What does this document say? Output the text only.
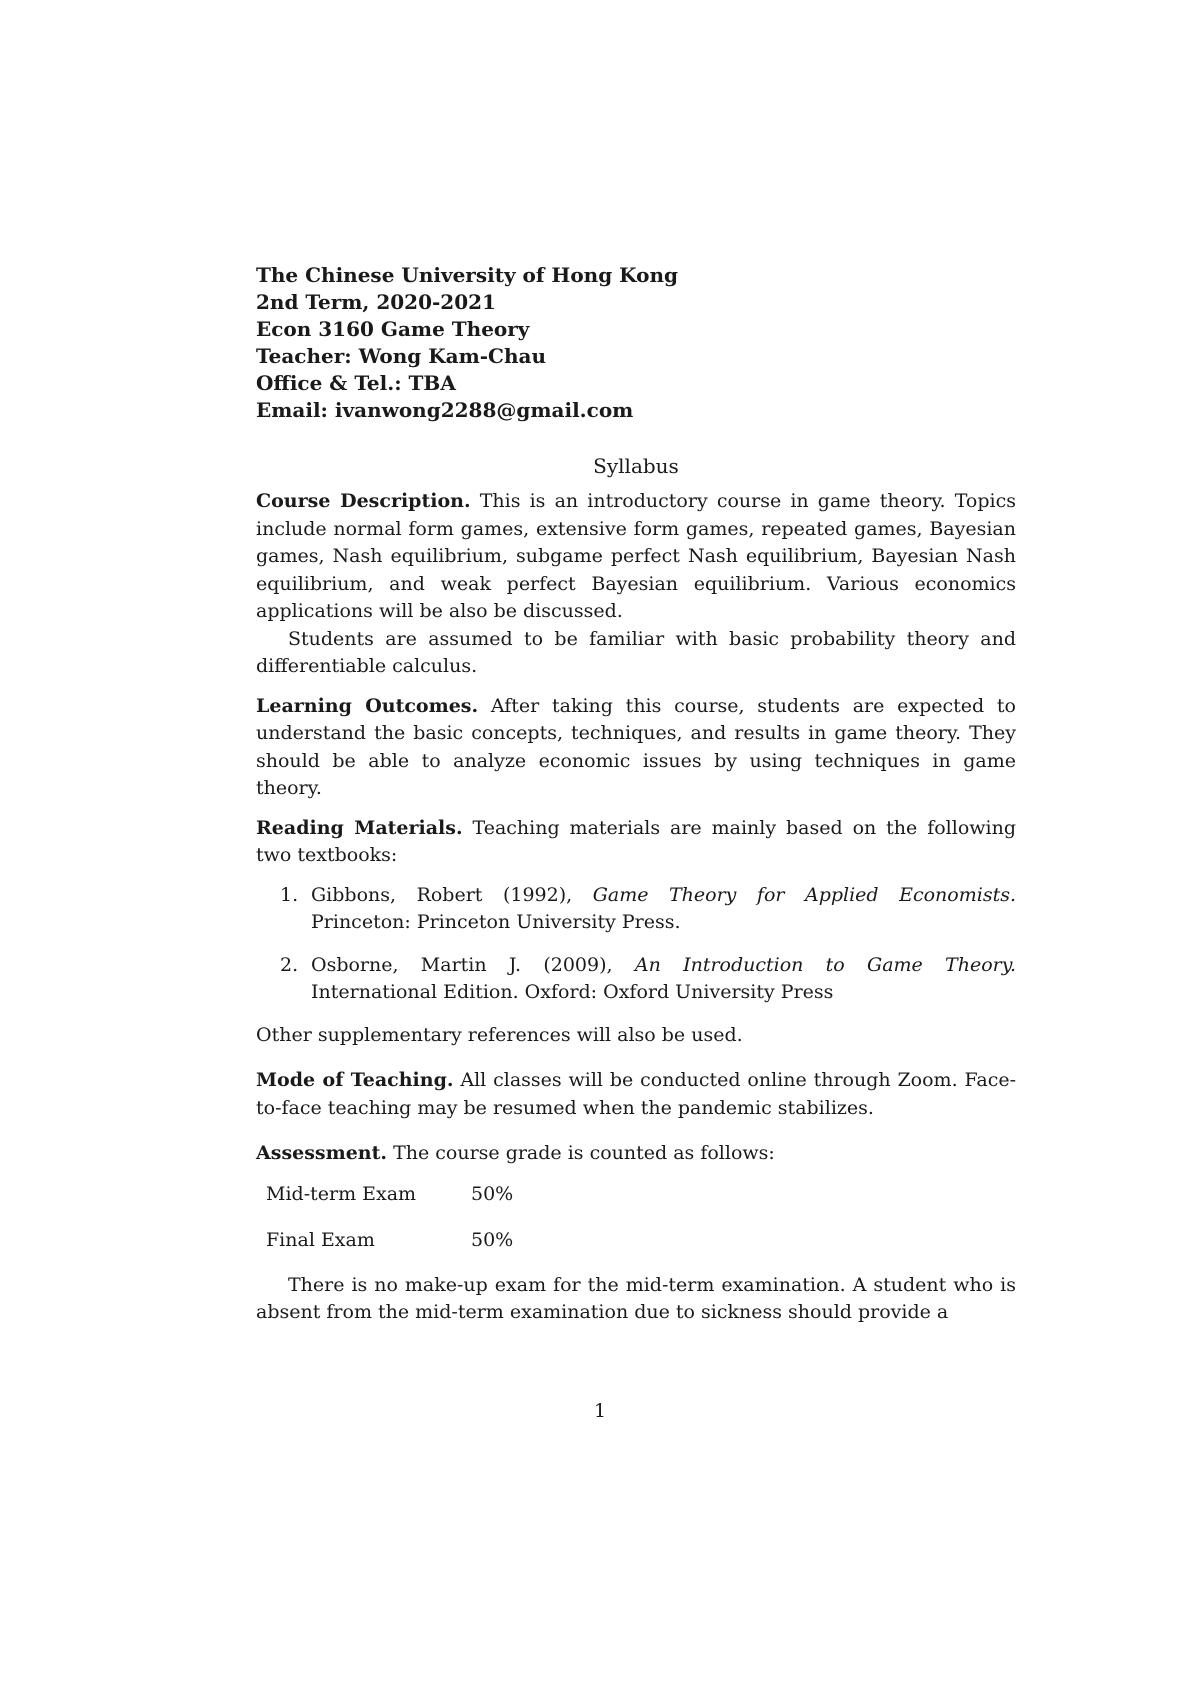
The Chinese University of Hong Kong
2nd Term, 2020-2021
Econ 3160 Game Theory
Teacher: Wong Kam-Chau
Office & Tel.: TBA
Email: ivanwong2288@gmail.com
Syllabus

Course Description. This is an introductory course in game theory. Topics include normal form games, extensive form games, repeated games, Bayesian games, Nash equilibrium, subgame perfect Nash equilibrium, Bayesian Nash equilibrium, and weak perfect Bayesian equilibrium. Various economics applications will be also be discussed.

Students are assumed to be familiar with basic probability theory and differentiable calculus.

Learning Outcomes. After taking this course, students are expected to understand the basic concepts, techniques, and results in game theory. They should be able to analyze economic issues by using techniques in game theory.

Reading Materials. Teaching materials are mainly based on the following two textbooks:

1. Gibbons, Robert (1992), Game Theory for Applied Economists. Princeton: Princeton University Press.
2. Osborne, Martin J. (2009), An Introduction to Game Theory. International Edition. Oxford: Oxford University Press

Other supplementary references will also be used.

Mode of Teaching. All classes will be conducted online through Zoom. Face-to-face teaching may be resumed when the pandemic stabilizes.

Assessment. The course grade is counted as follows:

Mid-term Exam	50%
Final Exam	50%

There is no make-up exam for the mid-term examination. A student who is absent from the mid-term examination due to sickness should provide a

1
